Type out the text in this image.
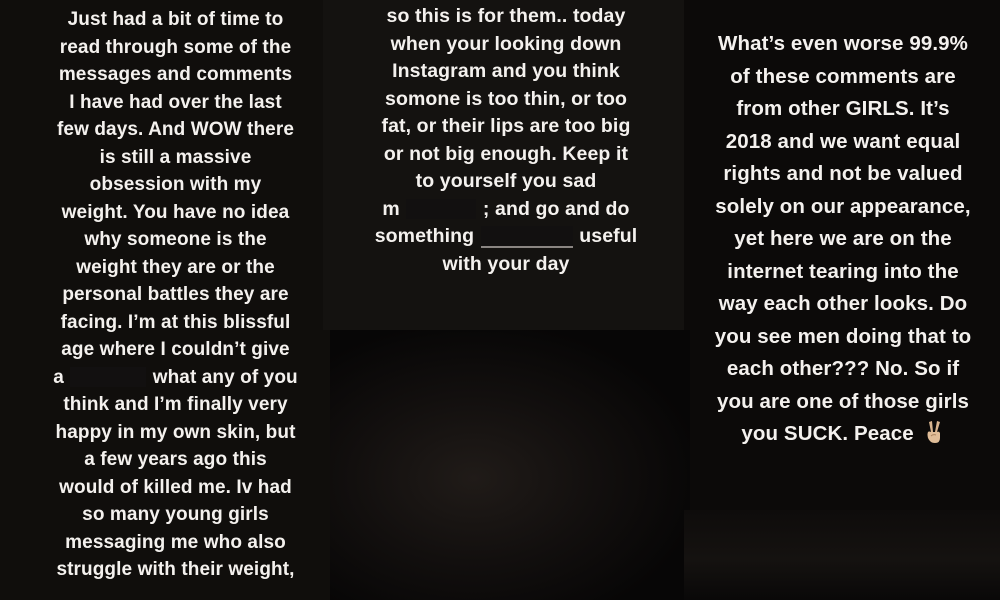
Just had a bit of time to
read through some of the
messages and comments
I have had over the last
few days. And WOW there
is still a massive
obsession with my
weight. You have no idea
why someone is the
weight they are or the
personal battles they are
facing. I’m at this blissful
age where I couldn’t give
a	what any of you
think and I’m finally very
happy in my own skin, but
a few years ago this
would of killed me. Iv had
so many young girls
messaging me who also
struggle with their weight,
so this is for them.. today
when your looking down
Instagram and you think
somone is too thin, or too
fat, or their lips are too big
or not big enough. Keep it
to yourself you sad
m	; and go and do
something	useful
with your day
What’s even worse 99.9%
of these comments are
from other GIRLS. It’s
2018 and we want equal
rights and not be valued
solely on our appearance,
yet here we are on the
internet tearing into the
way each other looks. Do
you see men doing that to
each other??? No. So if
you are one of those girls
you SUCK. Peace
